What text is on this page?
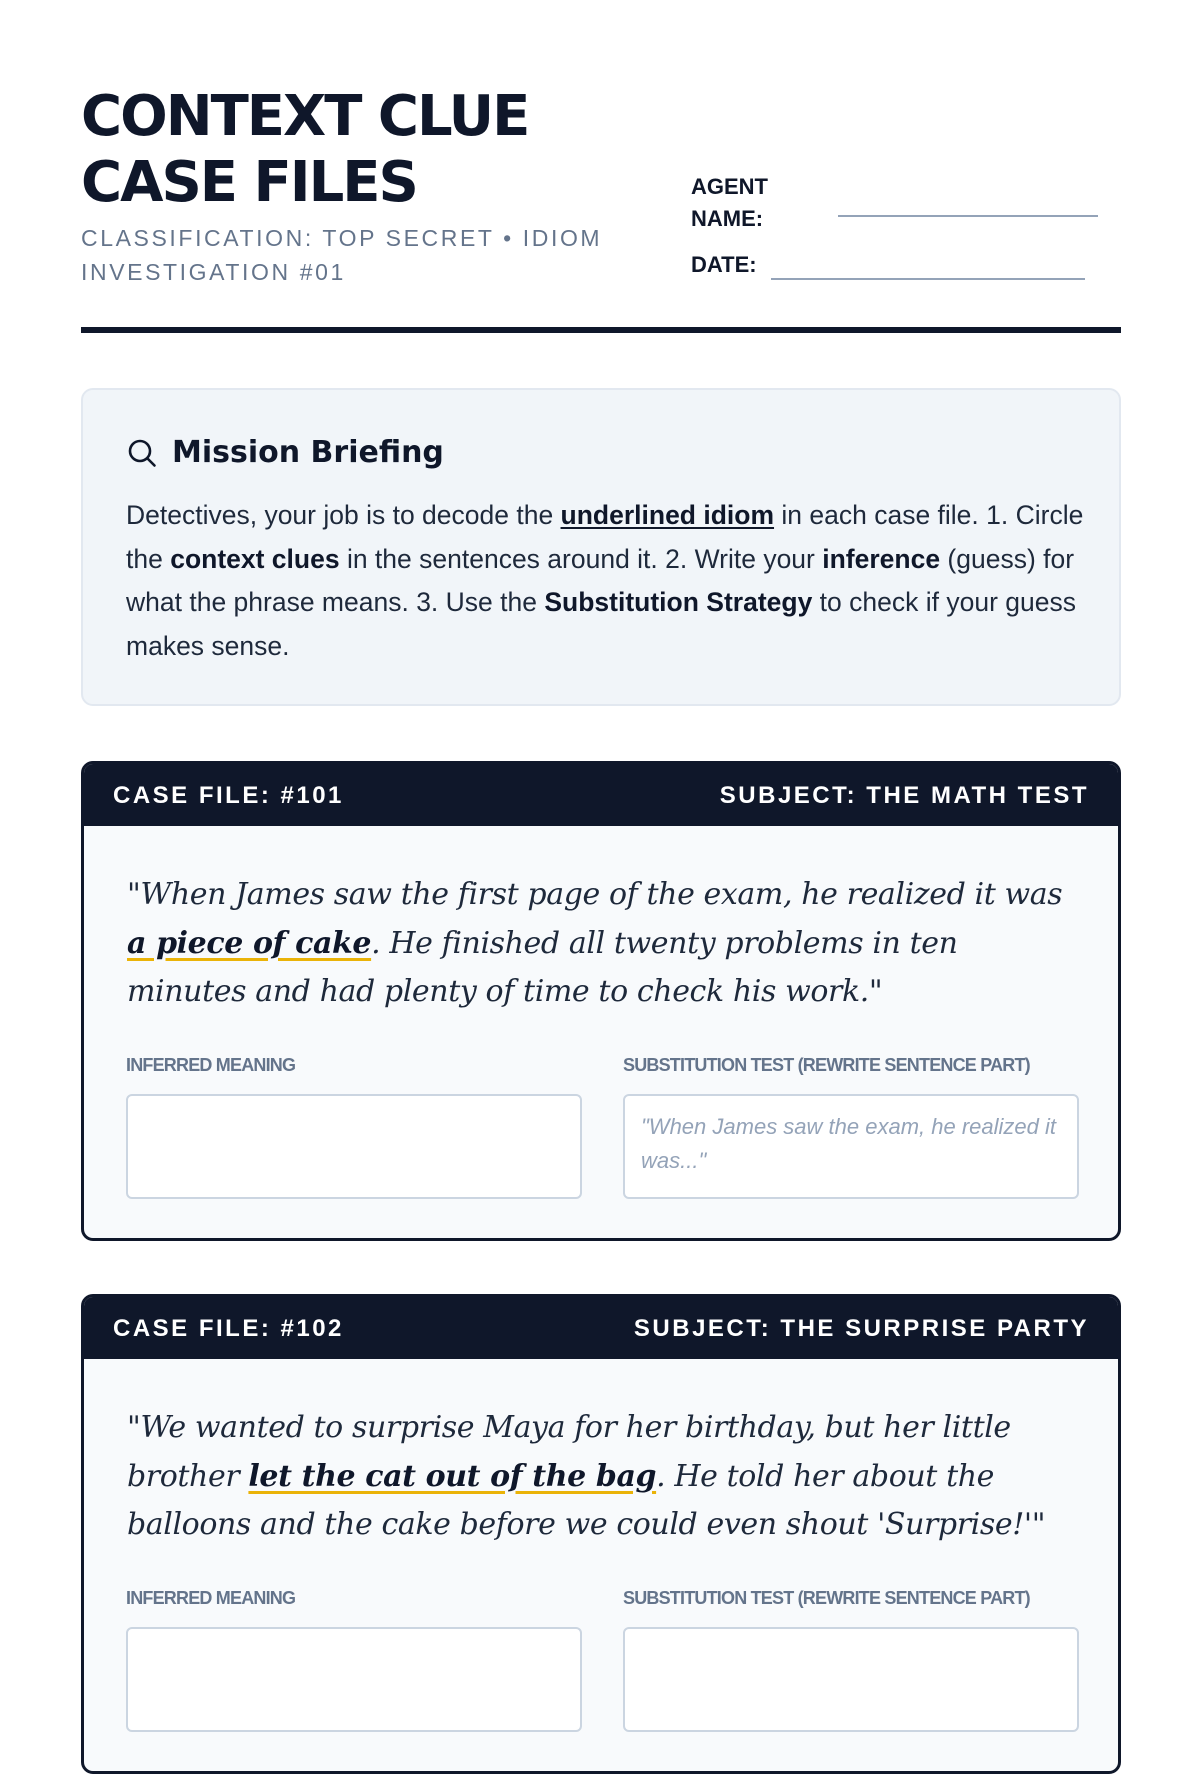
CONTEXT CLUE
CASE FILES
CLASSIFICATION: TOP SECRET • IDIOM INVESTIGATION #01
AGENT NAME:
DATE:
Mission Briefing

Detectives, your job is to decode the underlined idiom in each case file. 1. Circle the context clues in the sentences around it. 2. Write your inference (guess) for what the phrase means. 3. Use the Substitution Strategy to check if your guess makes sense.

CASE FILE: #101	SUBJECT: THE MATH TEST

"When James saw the first page of the exam, he realized it was a piece of cake. He finished all twenty problems in ten minutes and had plenty of time to check his work."

INFERRED MEANING	SUBSTITUTION TEST (REWRITE SENTENCE PART)
"When James saw the exam, he realized it was..."
CASE FILE: #102	SUBJECT: THE SURPRISE PARTY

"We wanted to surprise Maya for her birthday, but her little brother let the cat out of the bag. He told her about the balloons and the cake before we could even shout 'Surprise!'"

INFERRED MEANING	SUBSTITUTION TEST (REWRITE SENTENCE PART)
